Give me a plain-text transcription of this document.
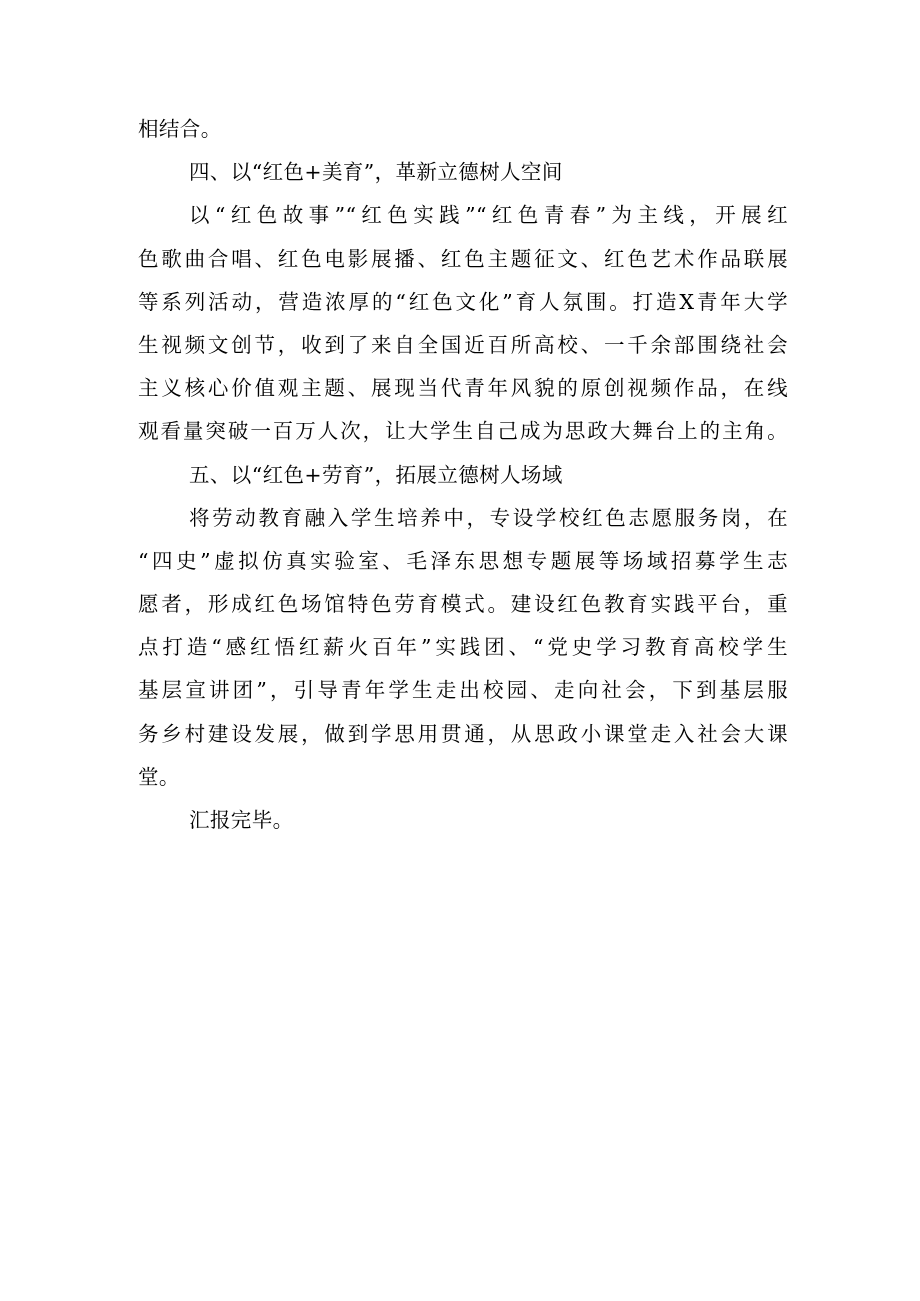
相结合。
四、以“红色+美育”，革新立德树人空间
以“红色故事”“红色实践”“红色青春”为主线，开展红
色歌曲合唱、红色电影展播、红色主题征文、红色艺术作品联展
等系列活动，营造浓厚的“红色文化”育人氛围。打造X青年大学
生视频文创节，收到了来自全国近百所高校、一千余部围绕社会
主义核心价值观主题、展现当代青年风貌的原创视频作品，在线
观看量突破一百万人次，让大学生自己成为思政大舞台上的主角。
五、以“红色+劳育”，拓展立德树人场域
将劳动教育融入学生培养中，专设学校红色志愿服务岗，在
“四史”虚拟仿真实验室、毛泽东思想专题展等场域招募学生志
愿者，形成红色场馆特色劳育模式。建设红色教育实践平台，重
点打造“感红悟红薪火百年”实践团、“党史学习教育高校学生
基层宣讲团”，引导青年学生走出校园、走向社会，下到基层服
务乡村建设发展，做到学思用贯通，从思政小课堂走入社会大课
堂。
汇报完毕。
